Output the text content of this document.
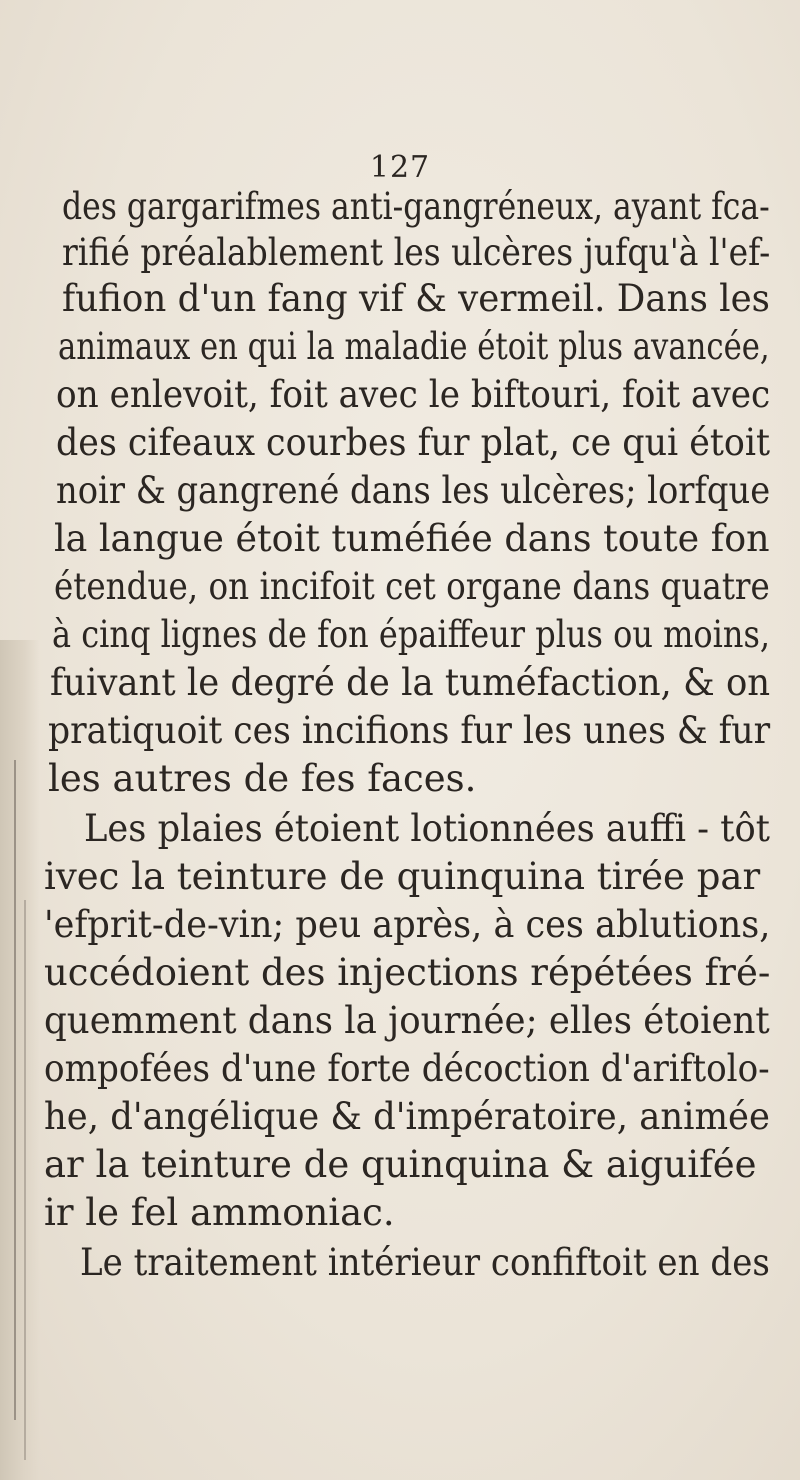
127
des gargarifmes anti-gangréneux, ayant fca-
rifié préalablement les ulcères jufqu'à l'ef-
fufion d'un fang vif & vermeil. Dans les
animaux en qui la maladie étoit plus avancée,
on enlevoit, foit avec le biftouri, foit avec
des cifeaux courbes fur plat, ce qui étoit
noir & gangrené dans les ulcères; lorfque
la langue étoit tuméfiée dans toute fon
étendue, on incifoit cet organe dans quatre
à cinq lignes de fon épaiffeur plus ou moins,
fuivant le degré de la tuméfaction, & on
pratiquoit ces incifions fur les unes & fur
les autres de fes faces.
Les plaies étoient lotionnées auffi - tôt
ivec la teinture de quinquina tirée par
'efprit-de-vin; peu après, à ces ablutions,
uccédoient des injections répétées fré-
quemment dans la journée; elles étoient
ompofées d'une forte décoction d'ariftolo-
he, d'angélique & d'impératoire, animée
ar la teinture de quinquina & aiguifée
ir le fel ammoniac.
Le traitement intérieur confiftoit en des
